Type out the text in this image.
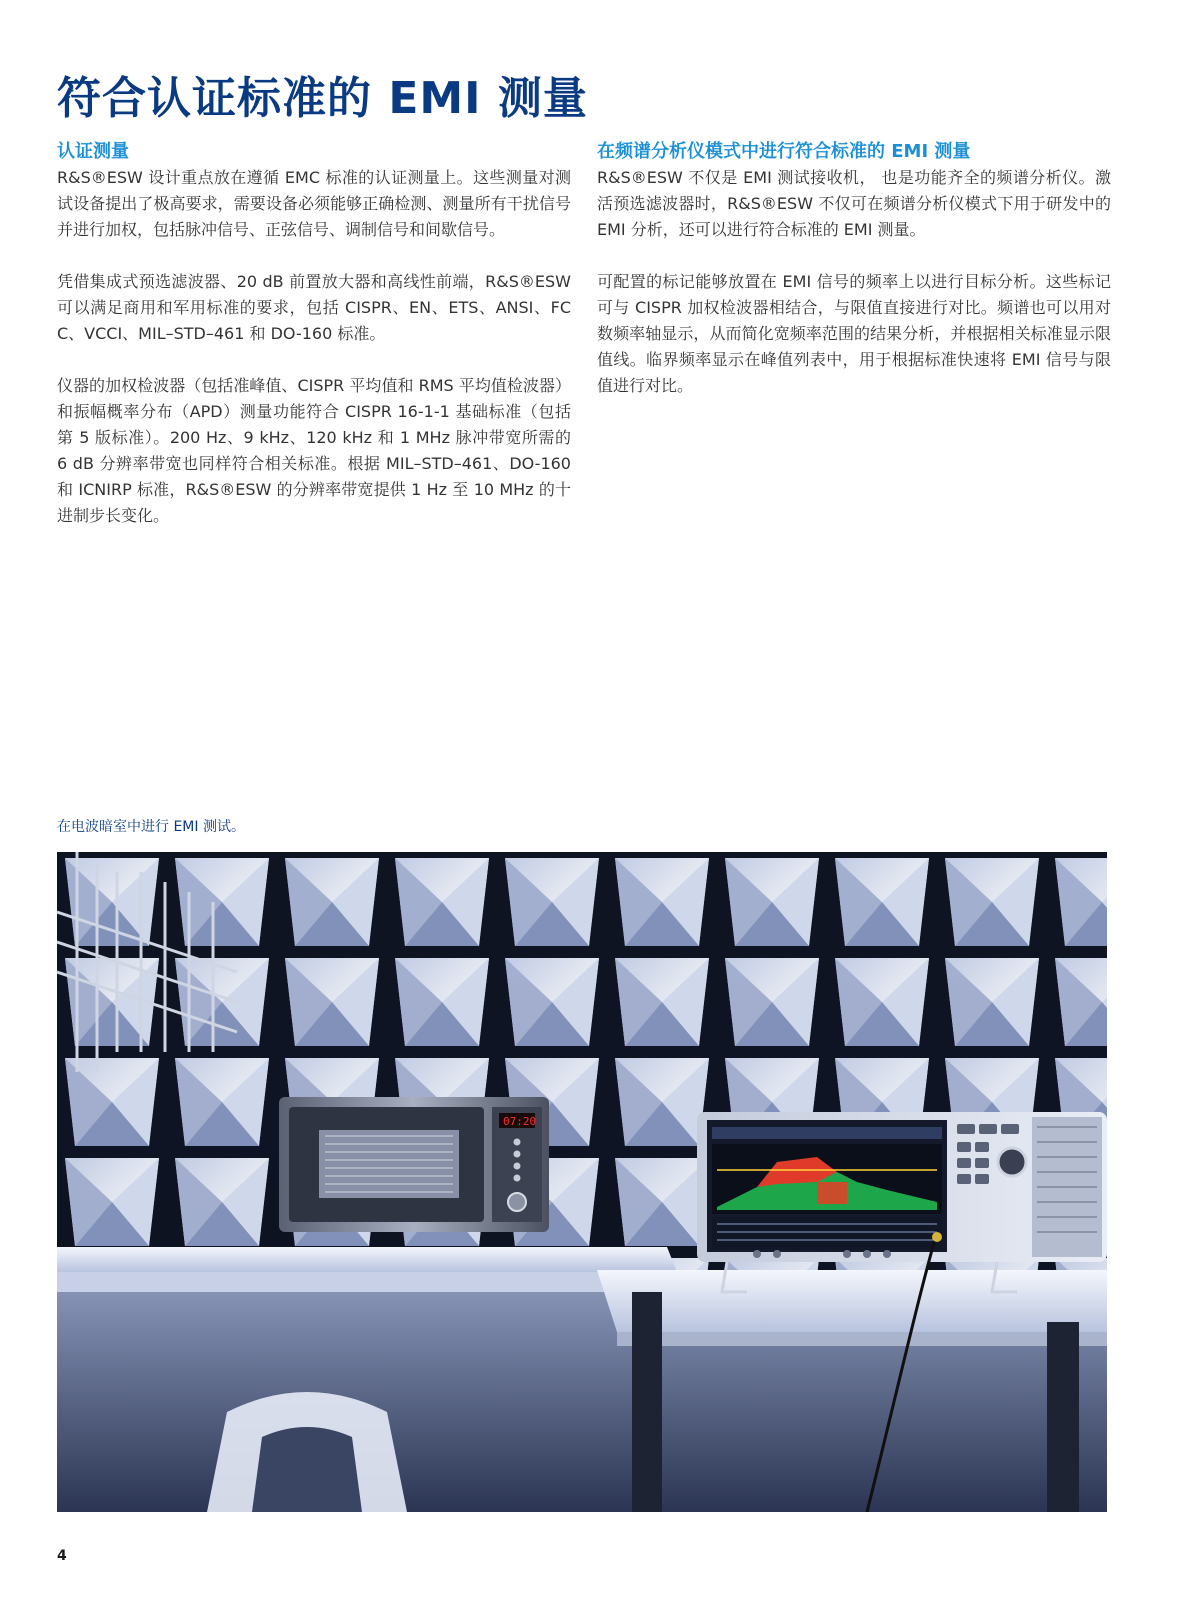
符合认证标准的 EMI 测量
认证测量

R&S®ESW 设计重点放在遵循 EMC 标准的认证测量上。这些测量对测试设备提出了极高要求，需要设备必须能够正确检测、测量所有干扰信号并进行加权，包括脉冲信号、正弦信号、调制信号和间歇信号。

凭借集成式预选滤波器、20 dB 前置放大器和高线性前端，R&S®ESW 可以满足商用和军用标准的要求，包括 CISPR、EN、ETS、ANSI、FCC、VCCI、MIL–STD–461 和 DO-160 标准。

仪器的加权检波器（包括准峰值、CISPR 平均值和 RMS 平均值检波器）和振幅概率分布（APD）测量功能符合 CISPR 16-1-1 基础标准（包括第 5 版标准）。200 Hz、9 kHz、120 kHz 和 1 MHz 脉冲带宽所需的 6 dB 分辨率带宽也同样符合相关标准。根据 MIL–STD–461、DO-160 和 ICNIRP 标准，R&S®ESW 的分辨率带宽提供 1 Hz 至 10 MHz 的十进制步长变化。

在频谱分析仪模式中进行符合标准的 EMI 测量

R&S®ESW 不仅是 EMI 测试接收机， 也是功能齐全的频谱分析仪。激活预选滤波器时，R&S®ESW 不仅可在频谱分析仪模式下用于研发中的 EMI 分析，还可以进行符合标准的 EMI 测量。

可配置的标记能够放置在 EMI 信号的频率上以进行目标分析。这些标记可与 CISPR 加权检波器相结合，与限值直接进行对比。频谱也可以用对数频率轴显示，从而简化宽频率范围的结果分析，并根据相关标准显示限值线。临界频率显示在峰值列表中，用于根据标准快速将 EMI 信号与限值进行对比。

在电波暗室中进行 EMI 测试。
07:20
4
